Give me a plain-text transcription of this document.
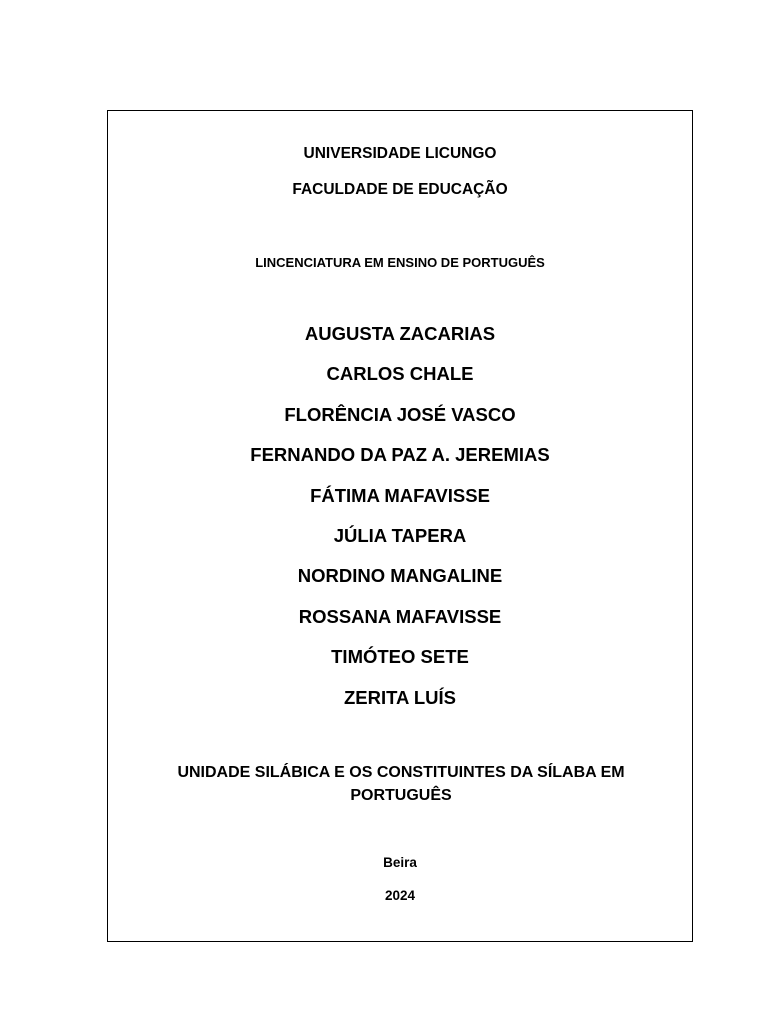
UNIVERSIDADE LICUNGO
FACULDADE DE EDUCAÇÃO
LINCENCIATURA EM ENSINO DE PORTUGUÊS
AUGUSTA ZACARIAS
CARLOS CHALE
FLORÊNCIA JOSÉ VASCO
FERNANDO DA PAZ A. JEREMIAS
FÁTIMA MAFAVISSE
JÚLIA TAPERA
NORDINO MANGALINE
ROSSANA MAFAVISSE
TIMÓTEO SETE
ZERITA LUÍS
UNIDADE SILÁBICA E OS CONSTITUINTES DA SÍLABA EM PORTUGUÊS
Beira
2024
